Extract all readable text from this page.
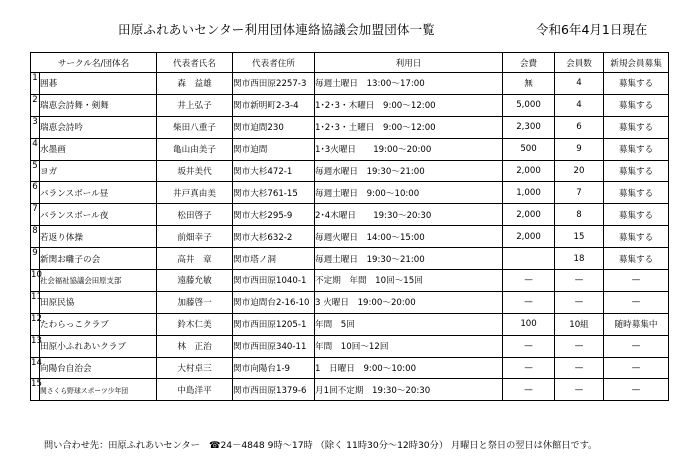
田原ふれあいセンター利用団体連絡協議会加盟団体一覧	令和6年4月1日現在
サークル名/団体名		代表者氏名	代表者住所	利用日	会費	会員数	新規会員募集
1	囲碁	森　益雄	関市西田原2257-3	毎週土曜日　13:00～17:00	無	4	募集する
2	瑞恵会詩舞・剣舞	井上弘子	関市新明町2-3-4	1･2･3・木曜日　9:00～12:00	5,000	4	募集する
3	瑞恵会詩吟	柴田八重子	関市迫間230	1･2･3・土曜日　9:00～12:00	2,300	6	募集する
4	水墨画	亀山由美子	関市迫間	1･3火曜日　　19:00～20:00	500	9	募集する
5	ヨガ	坂井美代	関市大杉472-1	毎週水曜日　19:30～21:00	2,000	20	募集する
6	バランスボール昼	井戸真由美	関市大杉761-15	毎週土曜日　9:00～10:00	1,000	7	募集する
7	バランスボール夜	松田啓子	関市大杉295-9	2･4木曜日　　19:30～20:30	2,000	8	募集する
8	若返り体操	前畑幸子	関市大杉632-2	毎週火曜日　14:00～15:00	2,000	15	募集する
9	新関お囃子の会	高井　章	関市塔ノ洞	毎週土曜日　19:30～21:00		18	募集する
10	社会福祉協議会田原支部	遠藤允敏	関市西田原1040-1	不定期　年間　10回～15回	—	—	—
11	田原民協	加藤啓一	関市迫間台2-16-10	3 火曜日　19:00～20:00	—	—	—
12	たわらっこクラブ	鈴木仁美	関市西田原1205-1	年間　5回	100	10組	随時募集中
13	田原小ふれあいクラブ	林　正治	関市西田原340-11	年間　10回～12回	—	—	—
14	向陽台自治会	大村卓三	関市向陽台1-9	1　日曜日　9:00～10:00	—	—	—
15	関さくら野球スポーツ少年団	中島洋平	関市西田原1379-6	月1回不定期　19:30～20:30	—	—	—
問い合わせ先：田原ふれあいセンター　☎24－4848 9時～17時 （除く 11時30分～12時30分） 月曜日と祭日の翌日は休館日です。
